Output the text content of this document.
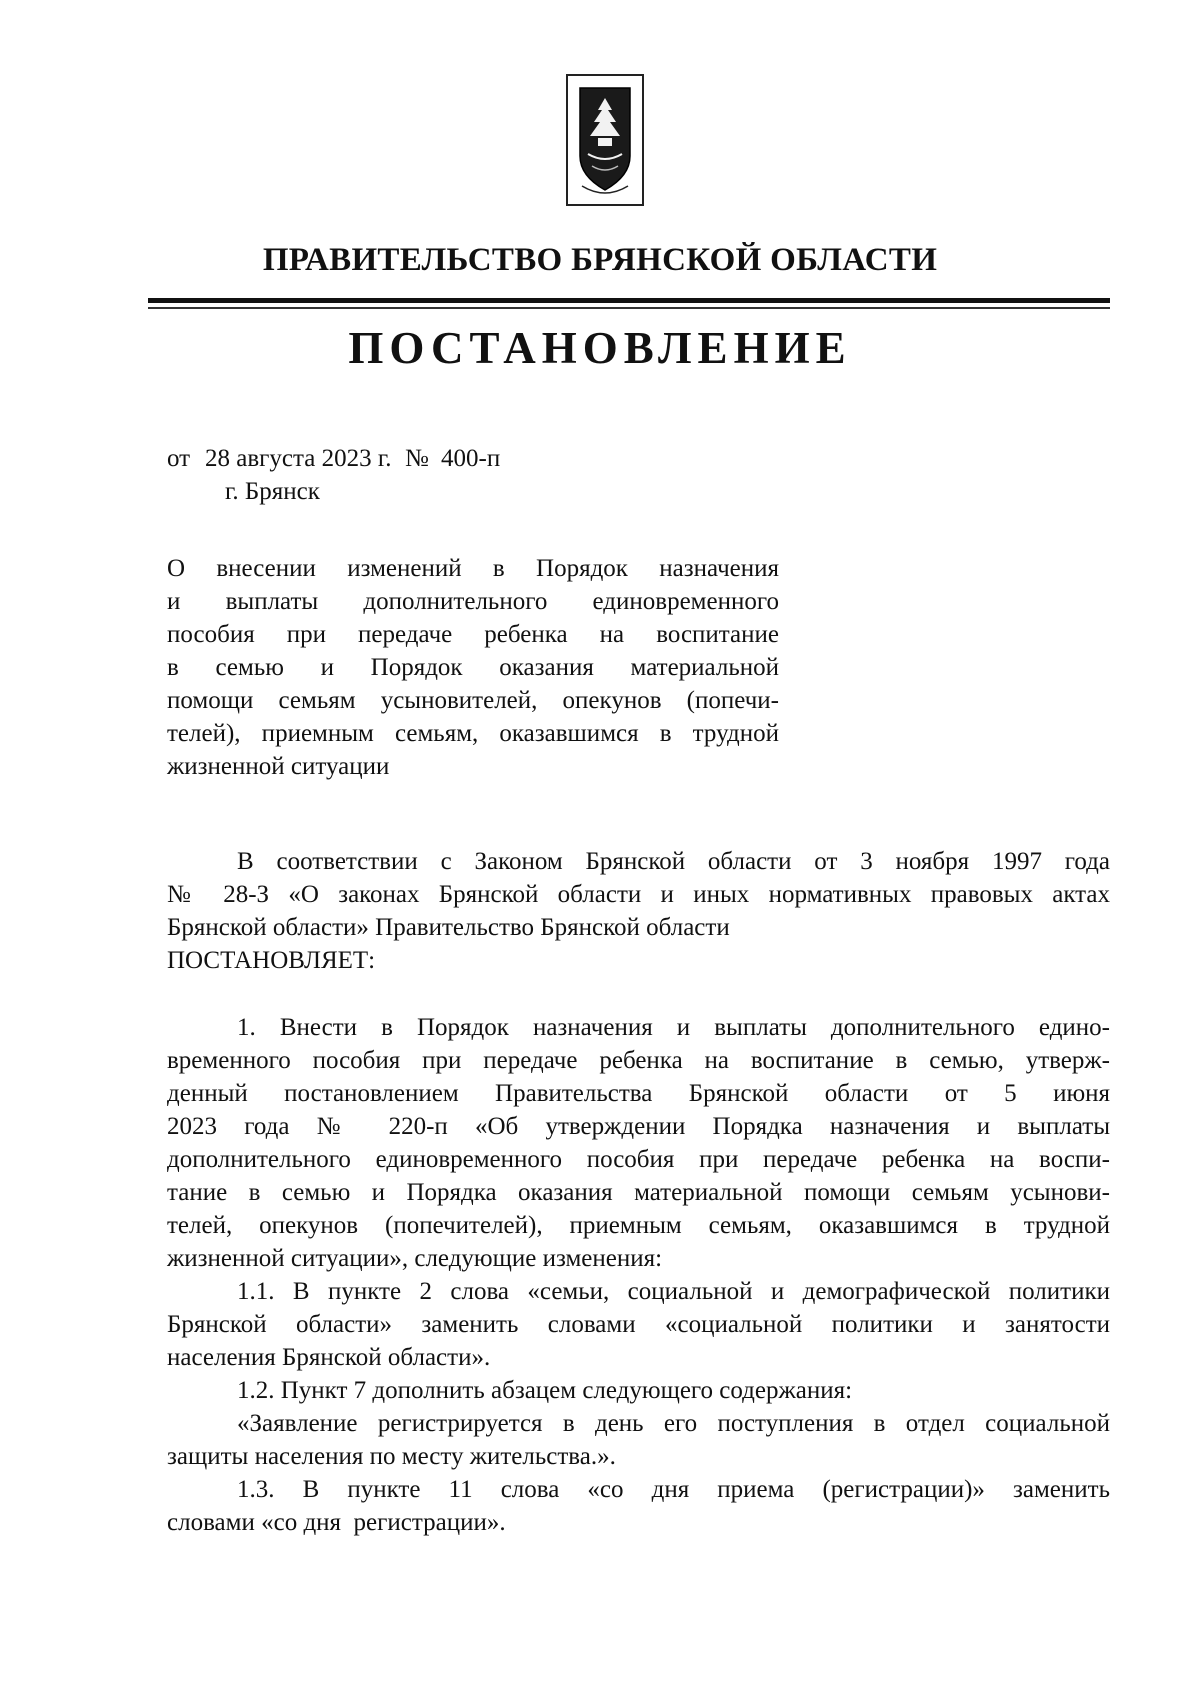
ПРАВИТЕЛЬСТВО БРЯНСКОЙ ОБЛАСТИ
ПОСТАНОВЛЕНИЕ
от 28 августа 2023 г. № 400-п
г. Брянск
О внесении изменений в Порядок назначения
и выплаты дополнительного единовременного
пособия при передаче ребенка на воспитание
в семью и Порядок оказания материальной
помощи семьям усыновителей, опекунов (попечи-
телей), приемным семьям, оказавшимся в трудной
жизненной ситуации
В соответствии с Законом Брянской области от 3 ноября 1997 года
№ 28-З «О законах Брянской области и иных нормативных правовых актах
Брянской области» Правительство Брянской области
ПОСТАНОВЛЯЕТ:
1. Внести в Порядок назначения и выплаты дополнительного едино-
временного пособия при передаче ребенка на воспитание в семью, утверж-
денный постановлением Правительства Брянской области от 5 июня
2023 года № 220-п «Об утверждении Порядка назначения и выплаты
дополнительного единовременного пособия при передаче ребенка на воспи-
тание в семью и Порядка оказания материальной помощи семьям усынови-
телей, опекунов (попечителей), приемным семьям, оказавшимся в трудной
жизненной ситуации», следующие изменения:
1.1. В пункте 2 слова «семьи, социальной и демографической политики
Брянской области» заменить словами «социальной политики и занятости
населения Брянской области».
1.2. Пункт 7 дополнить абзацем следующего содержания:
«Заявление регистрируется в день его поступления в отдел социальной
защиты населения по месту жительства.».
1.3. В пункте 11 слова «со дня приема (регистрации)» заменить
словами «со дня  регистрации».
